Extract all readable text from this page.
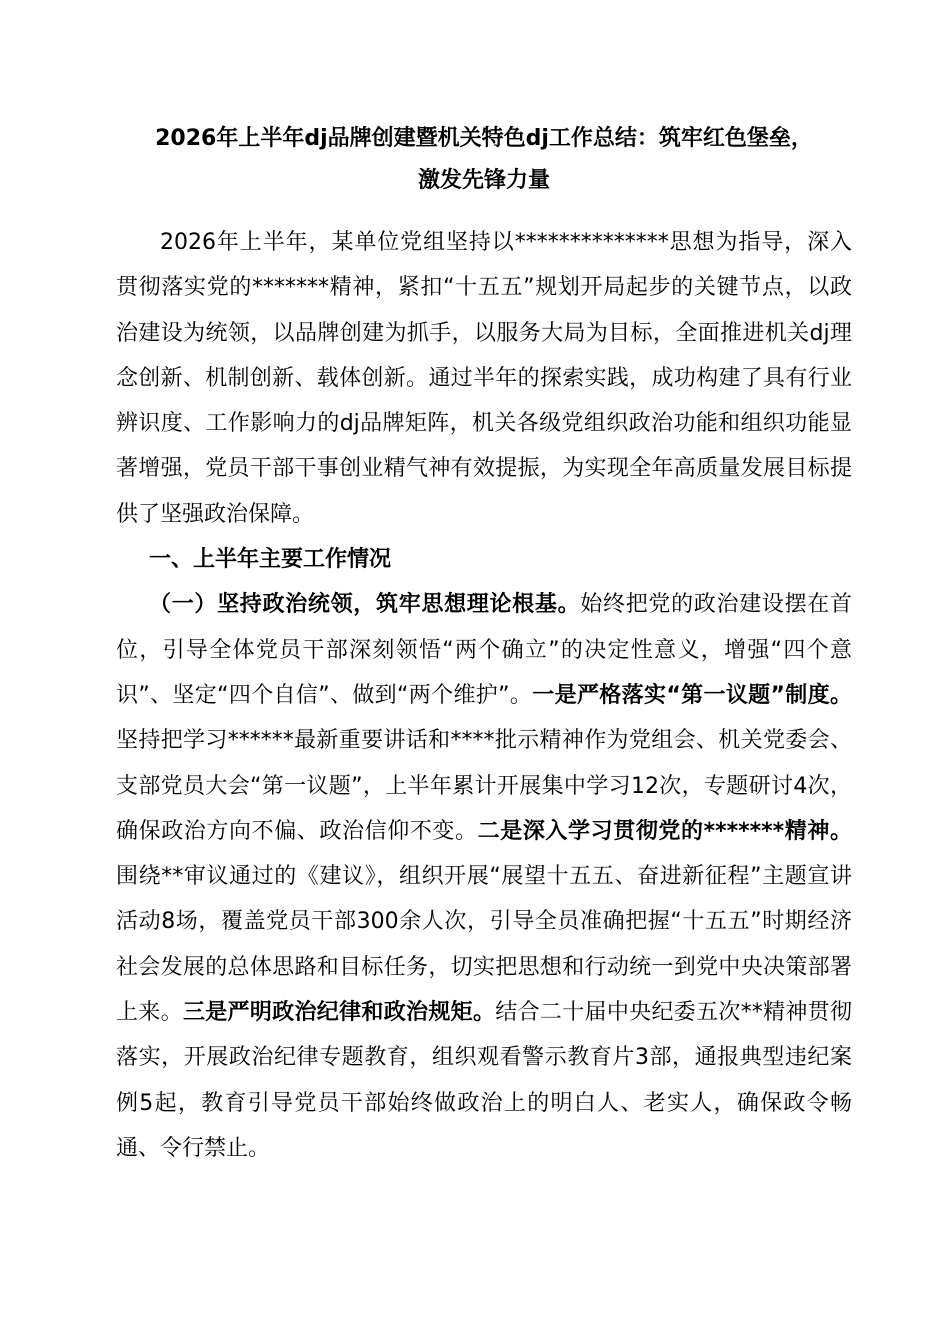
2026年上半年dj品牌创建暨机关特色dj工作总结：筑牢红色堡垒，
激发先锋力量

2026年上半年，某单位党组坚持以**************思想为指导，深入贯彻落实党的*******精神，紧扣“十五五”规划开局起步的关键节点，以政治建设为统领，以品牌创建为抓手，以服务大局为目标，全面推进机关dj理念创新、机制创新、载体创新。通过半年的探索实践，成功构建了具有行业辨识度、工作影响力的dj品牌矩阵，机关各级党组织政治功能和组织功能显著增强，党员干部干事创业精气神有效提振，为实现全年高质量发展目标提供了坚强政治保障。

一、上半年主要工作情况

（一）坚持政治统领，筑牢思想理论根基。始终把党的政治建设摆在首位，引导全体党员干部深刻领悟“两个确立”的决定性意义，增强“四个意识”、坚定“四个自信”、做到“两个维护”。一是严格落实“第一议题”制度。坚持把学习******最新重要讲话和****批示精神作为党组会、机关党委会、支部党员大会“第一议题”，上半年累计开展集中学习12次，专题研讨4次，确保政治方向不偏、政治信仰不变。二是深入学习贯彻党的*******精神。围绕**审议通过的《建议》，组织开展“展望十五五、奋进新征程”主题宣讲活动8场，覆盖党员干部300余人次，引导全员准确把握“十五五”时期经济社会发展的总体思路和目标任务，切实把思想和行动统一到党中央决策部署上来。三是严明政治纪律和政治规矩。结合二十届中央纪委五次**精神贯彻落实，开展政治纪律专题教育，组织观看警示教育片3部，通报典型违纪案例5起，教育引导党员干部始终做政治上的明白人、老实人，确保政令畅通、令行禁止。
